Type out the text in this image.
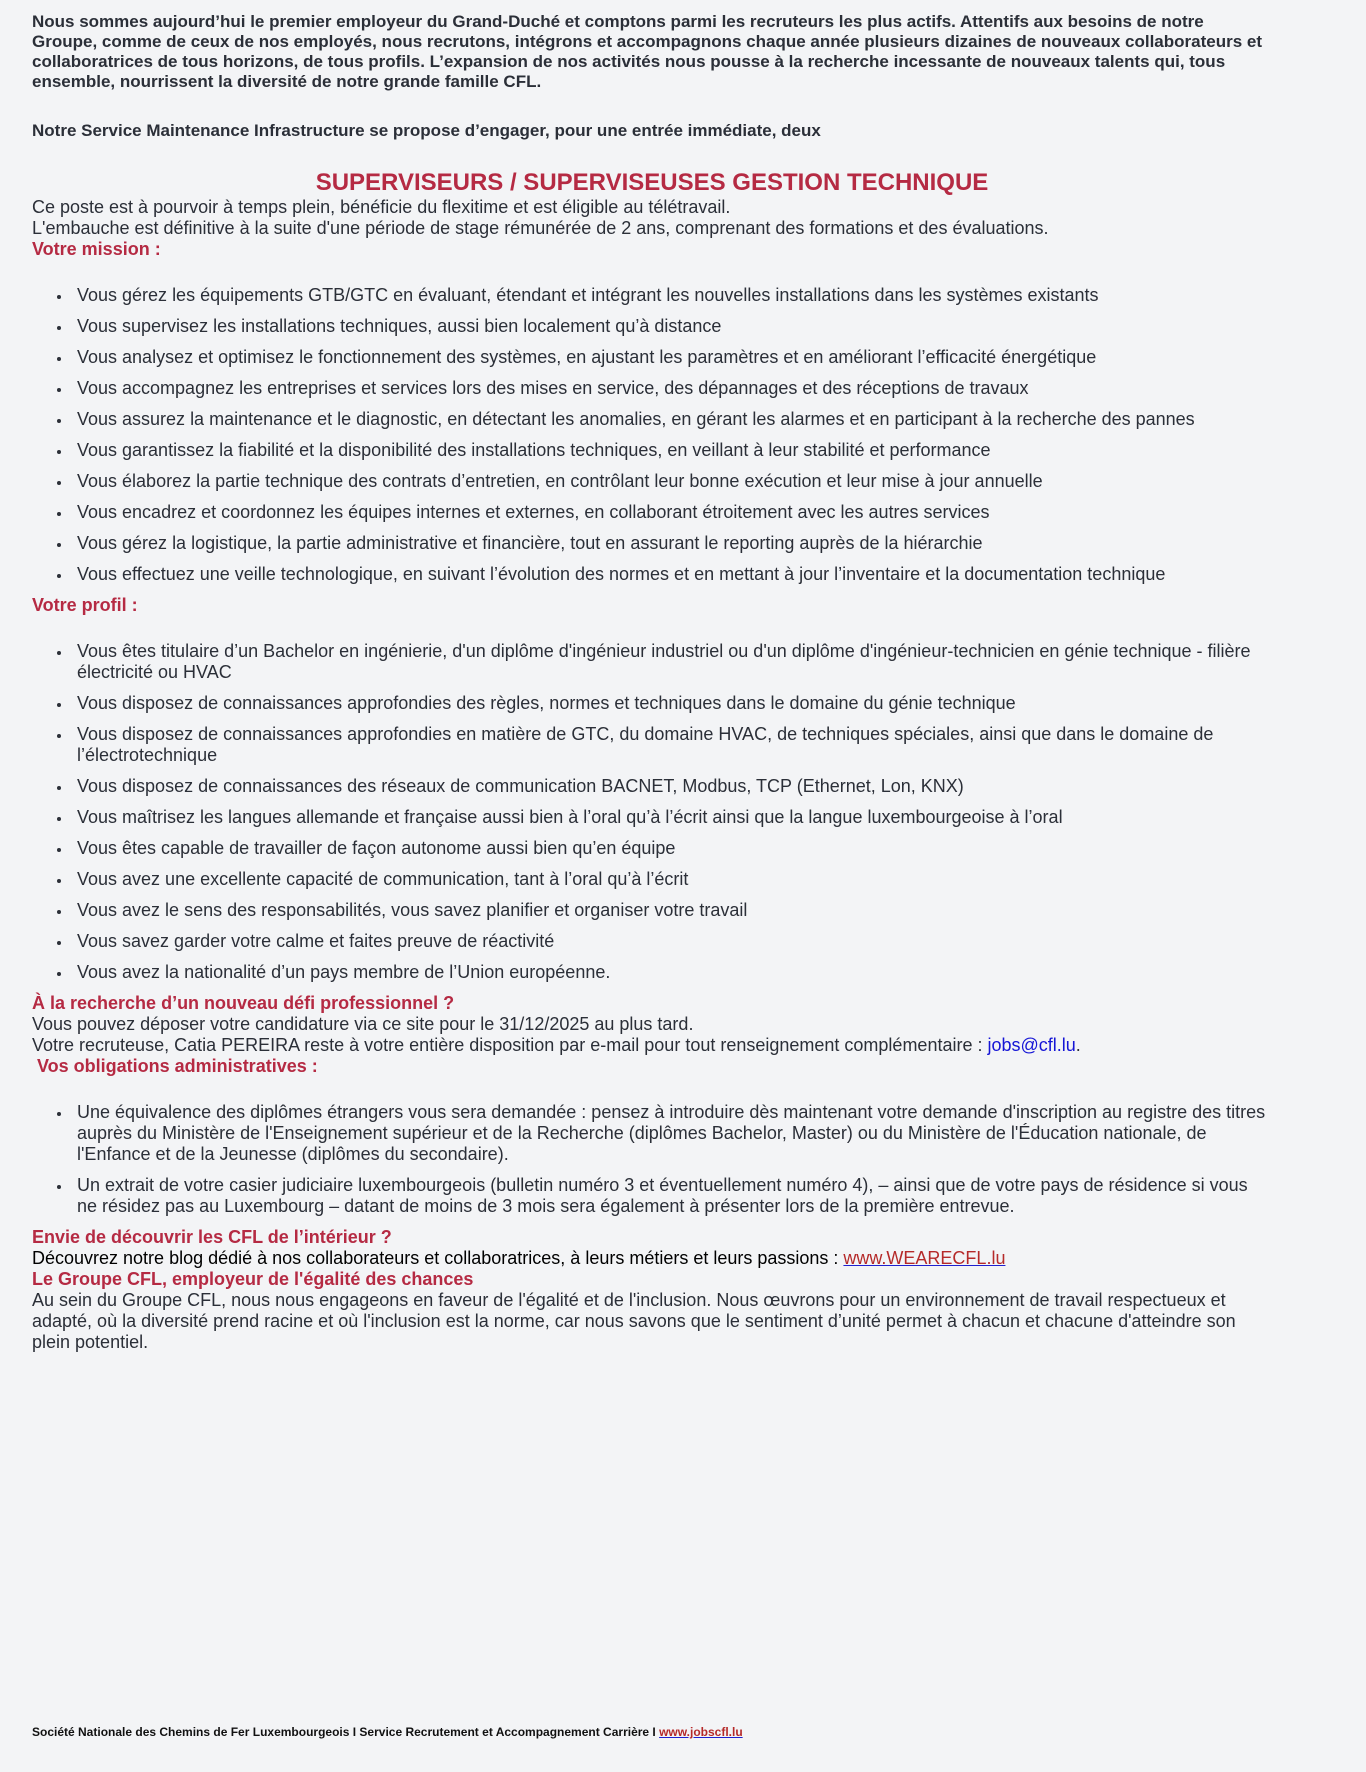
Nous sommes aujourd’hui le premier employeur du Grand-Duché et comptons parmi les recruteurs les plus actifs. Attentifs aux besoins de notre Groupe, comme de ceux de nos employés, nous recrutons, intégrons et accompagnons chaque année plusieurs dizaines de nouveaux collaborateurs et collaboratrices de tous horizons, de tous profils. L’expansion de nos activités nous pousse à la recherche incessante de nouveaux talents qui, tous ensemble, nourrissent la diversité de notre grande famille CFL.

Notre Service Maintenance Infrastructure se propose d’engager, pour une entrée immédiate, deux

SUPERVISEURS / SUPERVISEUSES GESTION TECHNIQUE

Ce poste est à pourvoir à temps plein, bénéficie du flexitime et est éligible au télétravail.

L'embauche est définitive à la suite d'une période de stage rémunérée de 2 ans, comprenant des formations et des évaluations.

Votre mission :
Vous gérez les équipements GTB/GTC en évaluant, étendant et intégrant les nouvelles installations dans les systèmes existants
Vous supervisez les installations techniques, aussi bien localement qu’à distance
Vous analysez et optimisez le fonctionnement des systèmes, en ajustant les paramètres et en améliorant l’efficacité énergétique
Vous accompagnez les entreprises et services lors des mises en service, des dépannages et des réceptions de travaux
Vous assurez la maintenance et le diagnostic, en détectant les anomalies, en gérant les alarmes et en participant à la recherche des pannes
Vous garantissez la fiabilité et la disponibilité des installations techniques, en veillant à leur stabilité et performance
Vous élaborez la partie technique des contrats d’entretien, en contrôlant leur bonne exécution et leur mise à jour annuelle
Vous encadrez et coordonnez les équipes internes et externes, en collaborant étroitement avec les autres services
Vous gérez la logistique, la partie administrative et financière, tout en assurant le reporting auprès de la hiérarchie
Vous effectuez une veille technologique, en suivant l’évolution des normes et en mettant à jour l’inventaire et la documentation technique
Votre profil :
Vous êtes titulaire d’un Bachelor en ingénierie, d'un diplôme d'ingénieur industriel ou d'un diplôme d'ingénieur-technicien en génie technique - filière électricité ou HVAC
Vous disposez de connaissances approfondies des règles, normes et techniques dans le domaine du génie technique
Vous disposez de connaissances approfondies en matière de GTC, du domaine HVAC, de techniques spéciales, ainsi que dans le domaine de l’électrotechnique
Vous disposez de connaissances des réseaux de communication BACNET, Modbus, TCP (Ethernet, Lon, KNX)
Vous maîtrisez les langues allemande et française aussi bien à l’oral qu’à l’écrit ainsi que la langue luxembourgeoise à l’oral
Vous êtes capable de travailler de façon autonome aussi bien qu’en équipe
Vous avez une excellente capacité de communication, tant à l’oral qu’à l’écrit
Vous avez le sens des responsabilités, vous savez planifier et organiser votre travail
Vous savez garder votre calme et faites preuve de réactivité
Vous avez la nationalité d’un pays membre de l’Union européenne.
À la recherche d’un nouveau défi professionnel ?

Vous pouvez déposer votre candidature via ce site pour le 31/12/2025 au plus tard.

Votre recruteuse, Catia PEREIRA reste à votre entière disposition par e-mail pour tout renseignement complémentaire : jobs@cfl.lu.

Vos obligations administratives :
Une équivalence des diplômes étrangers vous sera demandée : pensez à introduire dès maintenant votre demande d'inscription au registre des titres auprès du Ministère de l'Enseignement supérieur et de la Recherche (diplômes Bachelor, Master) ou du Ministère de l'Éducation nationale, de l'Enfance et de la Jeunesse (diplômes du secondaire).
Un extrait de votre casier judiciaire luxembourgeois (bulletin numéro 3 et éventuellement numéro 4), – ainsi que de votre pays de résidence si vous ne résidez pas au Luxembourg – datant de moins de 3 mois sera également à présenter lors de la première entrevue.
Envie de découvrir les CFL de l’intérieur ?

Découvrez notre blog dédié à nos collaborateurs et collaboratrices, à leurs métiers et leurs passions : www.WEARECFL.lu

Le Groupe CFL, employeur de l'égalité des chances

Au sein du Groupe CFL, nous nous engageons en faveur de l'égalité et de l'inclusion. Nous œuvrons pour un environnement de travail respectueux et adapté, où la diversité prend racine et où l'inclusion est la norme, car nous savons que le sentiment d’unité permet à chacun et chacune d'atteindre son plein potentiel.

Société Nationale des Chemins de Fer Luxembourgeois I Service Recrutement et Accompagnement Carrière I www.jobscfl.lu
